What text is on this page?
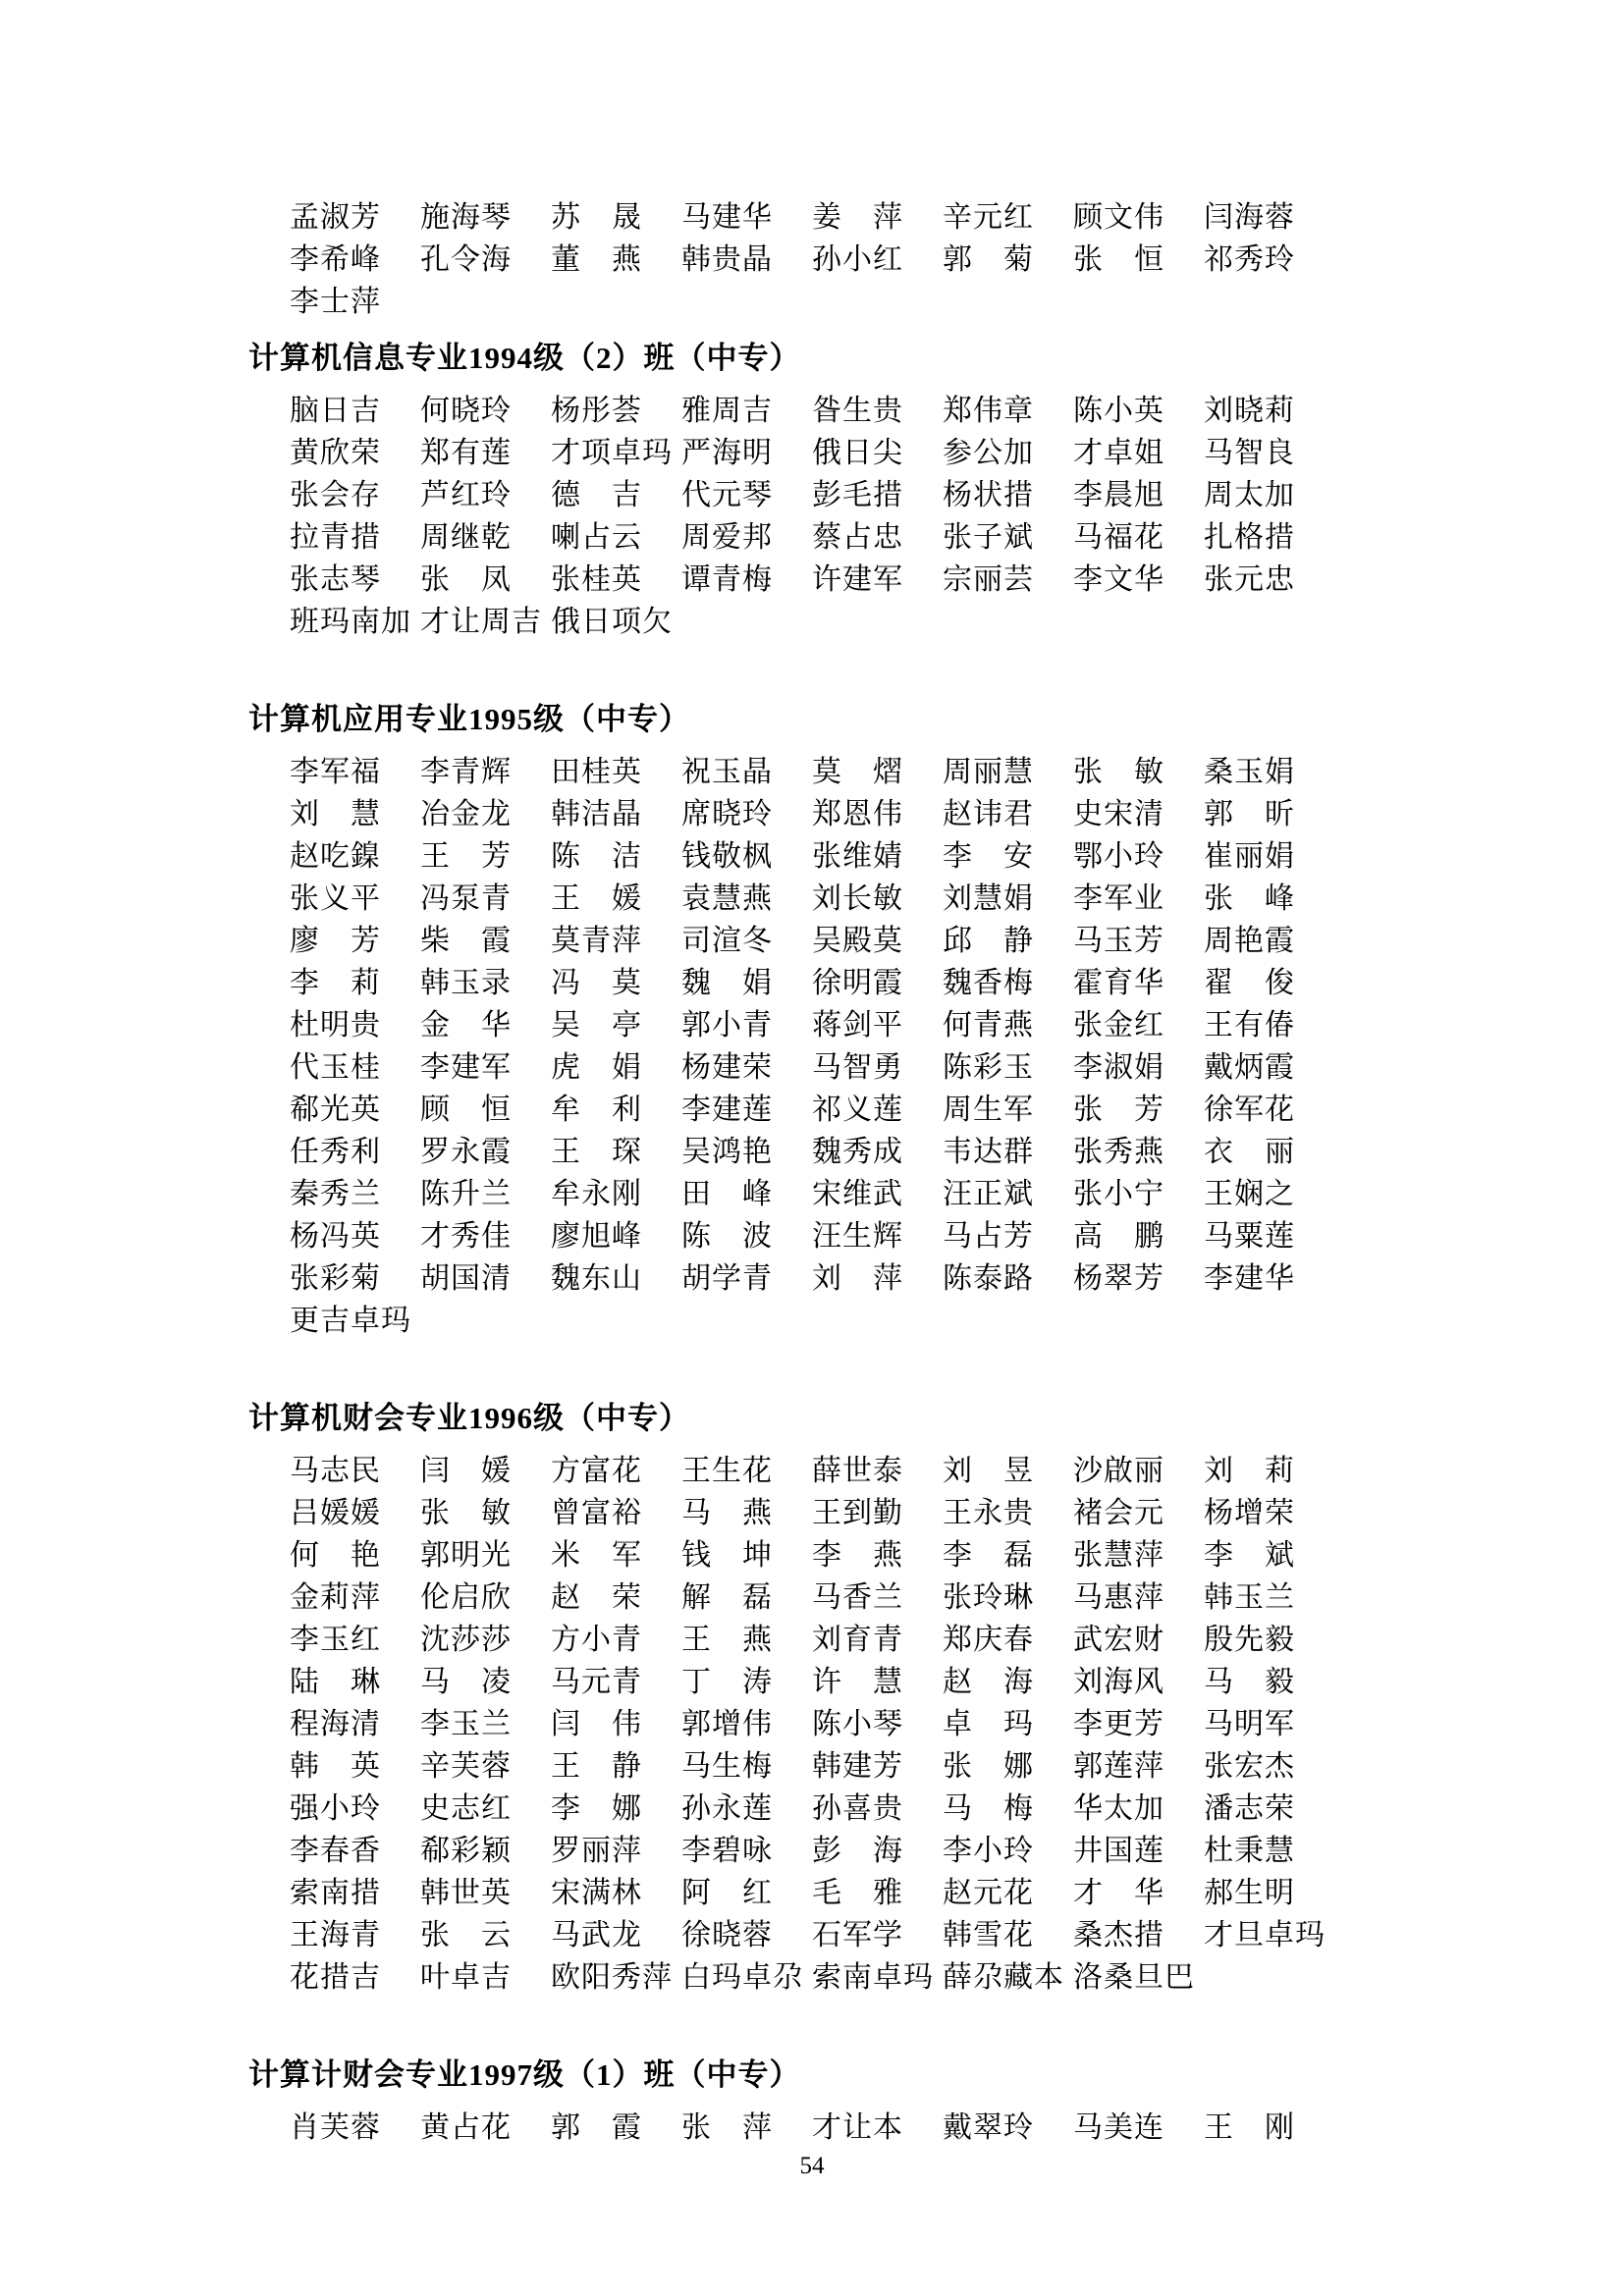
孟淑芳	施海琴	苏　晟	马建华	姜　萍	辛元红	顾文伟	闫海蓉
李希峰	孔令海	董　燕	韩贵晶	孙小红	郭　菊	张　恒	祁秀玲
李士萍
计算机信息专业1994级（2）班（中专）
脑日吉	何晓玲	杨彤荟	雅周吉	昝生贵	郑伟章	陈小英	刘晓莉
黄欣荣	郑有莲	才项卓玛 严海明	俄日尖	参公加	才卓姐	马智良
张会存	芦红玲	德　吉	代元琴	彭毛措	杨状措	李晨旭	周太加
拉青措	周继乾	喇占云	周爱邦	蔡占忠	张子斌	马福花	扎格措
张志琴	张　凤	张桂英	谭青梅	许建军	宗丽芸	李文华	张元忠
班玛南加 才让周吉 俄日项欠
计算机应用专业1995级（中专）
李军福	李青辉	田桂英	祝玉晶	莫　熠	周丽慧	张　敏	桑玉娟
刘　慧	冶金龙	韩洁晶	席晓玲	郑恩伟	赵讳君	史宋清	郭　昕
赵吃鎳	王　芳	陈　洁	钱敬枫	张维婧	李　安	鄂小玲	崔丽娟
张义平	冯泵青	王　媛	袁慧燕	刘长敏	刘慧娟	李军业	张　峰
廖　芳	柴　霞	莫青萍	司渲冬	吴殿莫	邱　静	马玉芳	周艳霞
李　莉	韩玉录	冯　莫	魏　娟	徐明霞	魏香梅	霍育华	翟　俊
杜明贵	金　华	吴　亭	郭小青	蒋剑平	何青燕	张金红	王有偆
代玉桂	李建军	虎　娟	杨建荣	马智勇	陈彩玉	李淑娟	戴炳霞
郗光英	顾　恒	牟　利	李建莲	祁义莲	周生军	张　芳	徐军花
任秀利	罗永霞	王　琛	吴鸿艳	魏秀成	韦达群	张秀燕	衣　丽
秦秀兰	陈升兰	牟永刚	田　峰	宋维武	汪正斌	张小宁	王娴之
杨冯英	才秀佳	廖旭峰	陈　波	汪生辉	马占芳	高　鹏	马粟莲
张彩菊	胡国清	魏东山	胡学青	刘　萍	陈泰路	杨翠芳	李建华
更吉卓玛
计算机财会专业1996级（中专）
马志民	闫　媛	方富花	王生花	薛世泰	刘　昱	沙啟丽	刘　莉
吕媛媛	张　敏	曾富裕	马　燕	王到勤	王永贵	褚会元	杨增荣
何　艳	郭明光	米　军	钱　坤	李　燕	李　磊	张慧萍	李　斌
金莉萍	伦启欣	赵　荣	解　磊	马香兰	张玲琳	马惠萍	韩玉兰
李玉红	沈莎莎	方小青	王　燕	刘育青	郑庆春	武宏财	殷先毅
陆　琳	马　凌	马元青	丁　涛	许　慧	赵　海	刘海风	马　毅
程海清	李玉兰	闫　伟	郭增伟	陈小琴	卓　玛	李更芳	马明军
韩　英	辛芙蓉	王　静	马生梅	韩建芳	张　娜	郭莲萍	张宏杰
强小玲	史志红	李　娜	孙永莲	孙喜贵	马　梅	华太加	潘志荣
李春香	郗彩颖	罗丽萍	李碧咏	彭　海	李小玲	井国莲	杜秉慧
索南措	韩世英	宋满林	阿　红	毛　雅	赵元花	才　华	郝生明
王海青	张　云	马武龙	徐晓蓉	石军学	韩雪花	桑杰措	才旦卓玛
花措吉	叶卓吉	欧阳秀萍 白玛卓尕 索南卓玛 薛尕藏本 洛桑旦巴
计算计财会专业1997级（1）班（中专）
肖芙蓉	黄占花	郭　霞	张　萍	才让本	戴翠玲	马美连	王　刚
54
